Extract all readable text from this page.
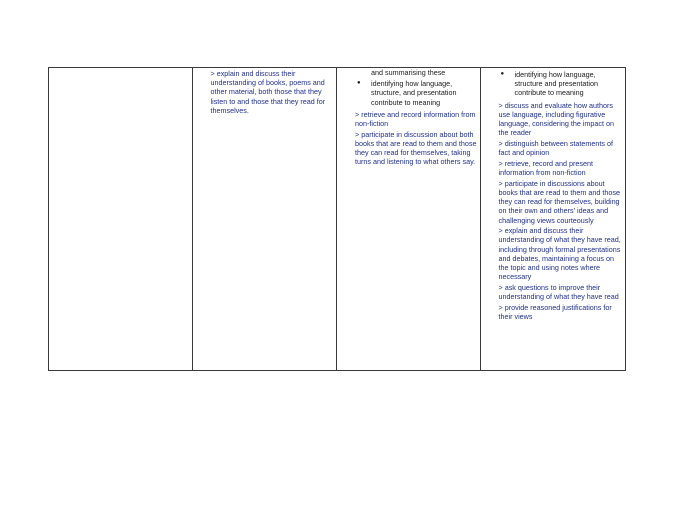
> explain and discuss their understanding of books, poems and other material, both those that they listen to and those that they read for themselves.
and summarising these
●	identifying how language, structure, and presentation contribute to meaning
> retrieve and record information from non-fiction
> participate in discussion about both books that are read to them and those they can read for themselves, taking turns and listening to what others say.
●	identifying how language, structure and presentation contribute to meaning
> discuss and evaluate how authors use language, including figurative language, considering the impact on the reader
> distinguish between statements of fact and opinion
> retrieve, record and present information from non-fiction
> participate in discussions about books that are read to them and those they can read for themselves, building on their own and others' ideas and challenging views courteously
> explain and discuss their understanding of what they have read, including through formal presentations and debates, maintaining a focus on the topic and using notes where necessary
> ask questions to improve their understanding of what they have read
> provide reasoned justifications for their views
